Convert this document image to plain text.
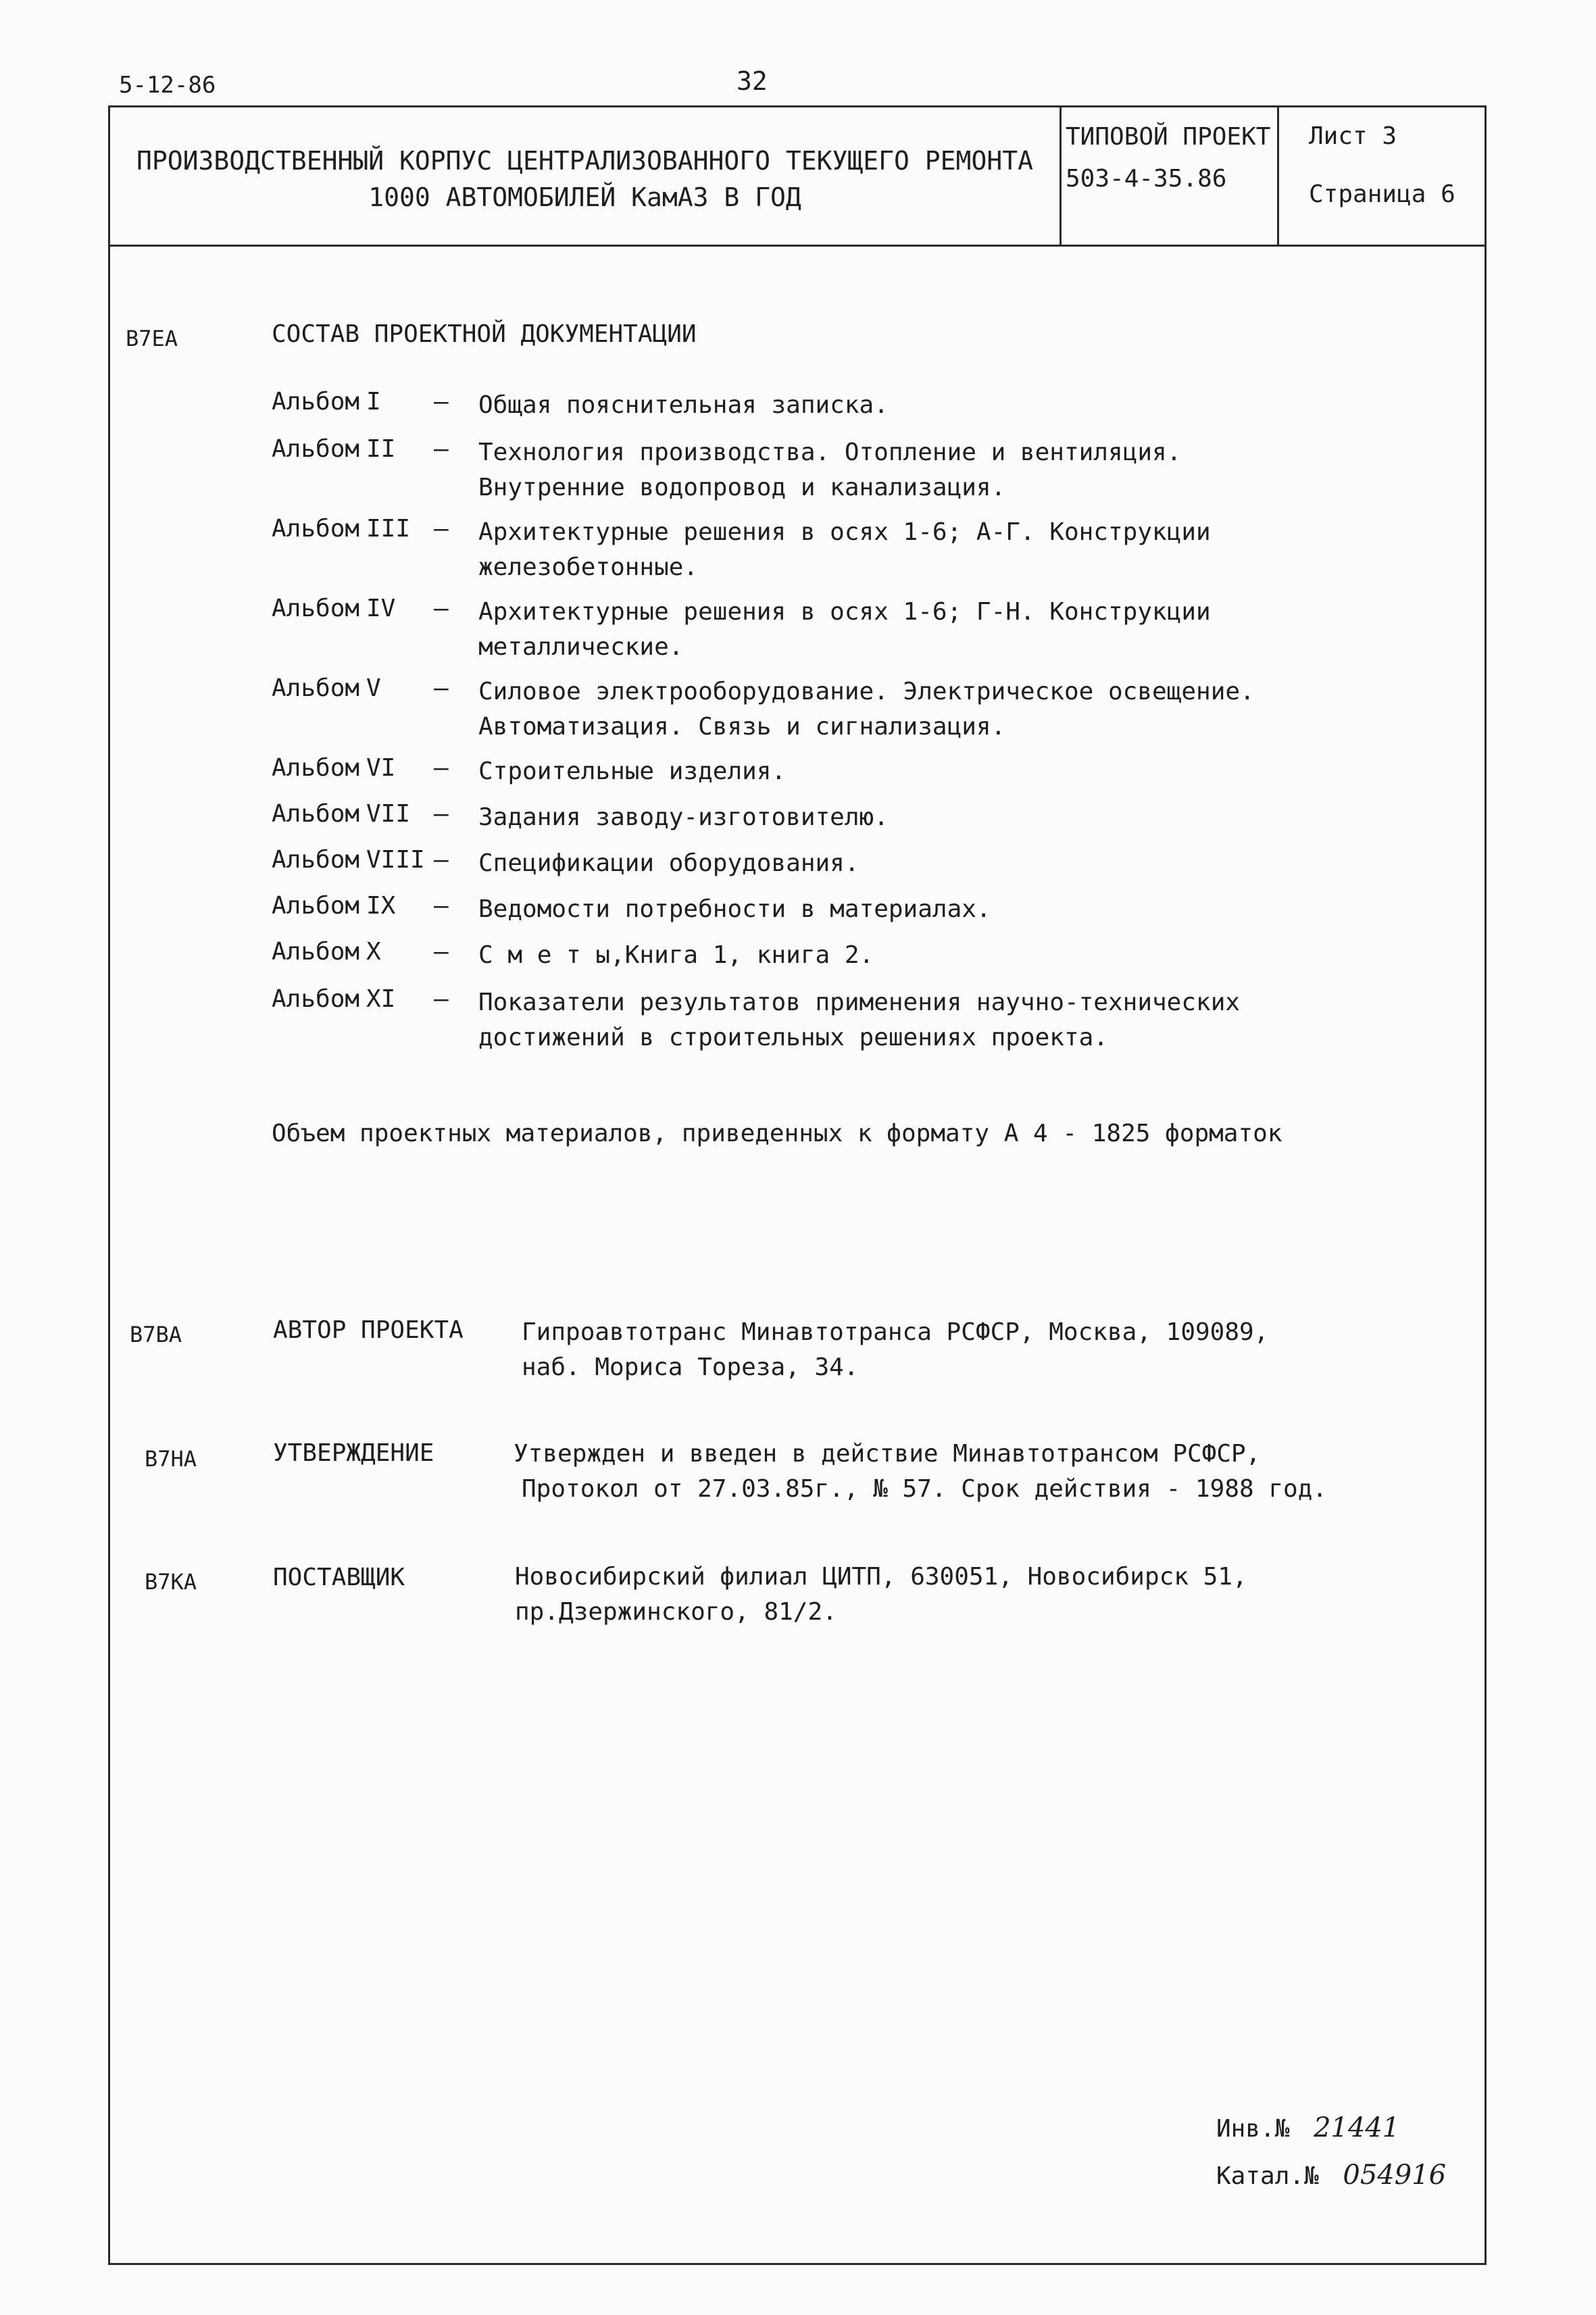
5-12-86	32
ПРОИЗВОДСТВЕННЫЙ КОРПУС ЦЕНТРАЛИЗОВАННОГО ТЕКУЩЕГО РЕМОНТА
1000 АВТОМОБИЛЕЙ КамАЗ В ГОД
ТИПОВОЙ ПРОЕКТ
503-4-35.86
Лист 3
Страница 6
В7ЕА	СОСТАВ ПРОЕКТНОЙ ДОКУМЕНТАЦИИ
Альбом I – Общая пояснительная записка.
Альбом II – Технология производства. Отопление и вентиляция.
Внутренние водопровод и канализация.
Альбом III – Архитектурные решения в осях 1-6; А-Г. Конструкции
железобетонные.
Альбом IV – Архитектурные решения в осях 1-6; Г-Н. Конструкции
металлические.
Альбом V – Силовое электрооборудование. Электрическое освещение.
Автоматизация. Связь и сигнализация.
Альбом VI – Строительные изделия.
Альбом VII – Задания заводу-изготовителю.
Альбом VIII – Спецификации оборудования.
Альбом IX – Ведомости потребности в материалах.
Альбом X – С м е т ы,Книга 1, книга 2.
Альбом XI – Показатели результатов применения научно-технических
достижений в строительных решениях проекта.
Объем проектных материалов, приведенных к формату А 4 - 1825 форматок
В7ВА	АВТОР ПРОЕКТА Гипроавтотранс Минавтотранса РСФСР, Москва, 109089,
наб. Мориса Тореза, 34.
В7НА	УТВЕРЖДЕНИЕ	Утвержден и введен в действие Минавтотрансом РСФСР,
Протокол от 27.03.85г., № 57. Срок действия - 1988 год.
В7КА	ПОСТАВЩИК	Новосибирский филиал ЦИТП, 630051, Новосибирск 51,
пр.Дзержинского, 81/2.
Инв.№ 21441
Катал.№ 054916
